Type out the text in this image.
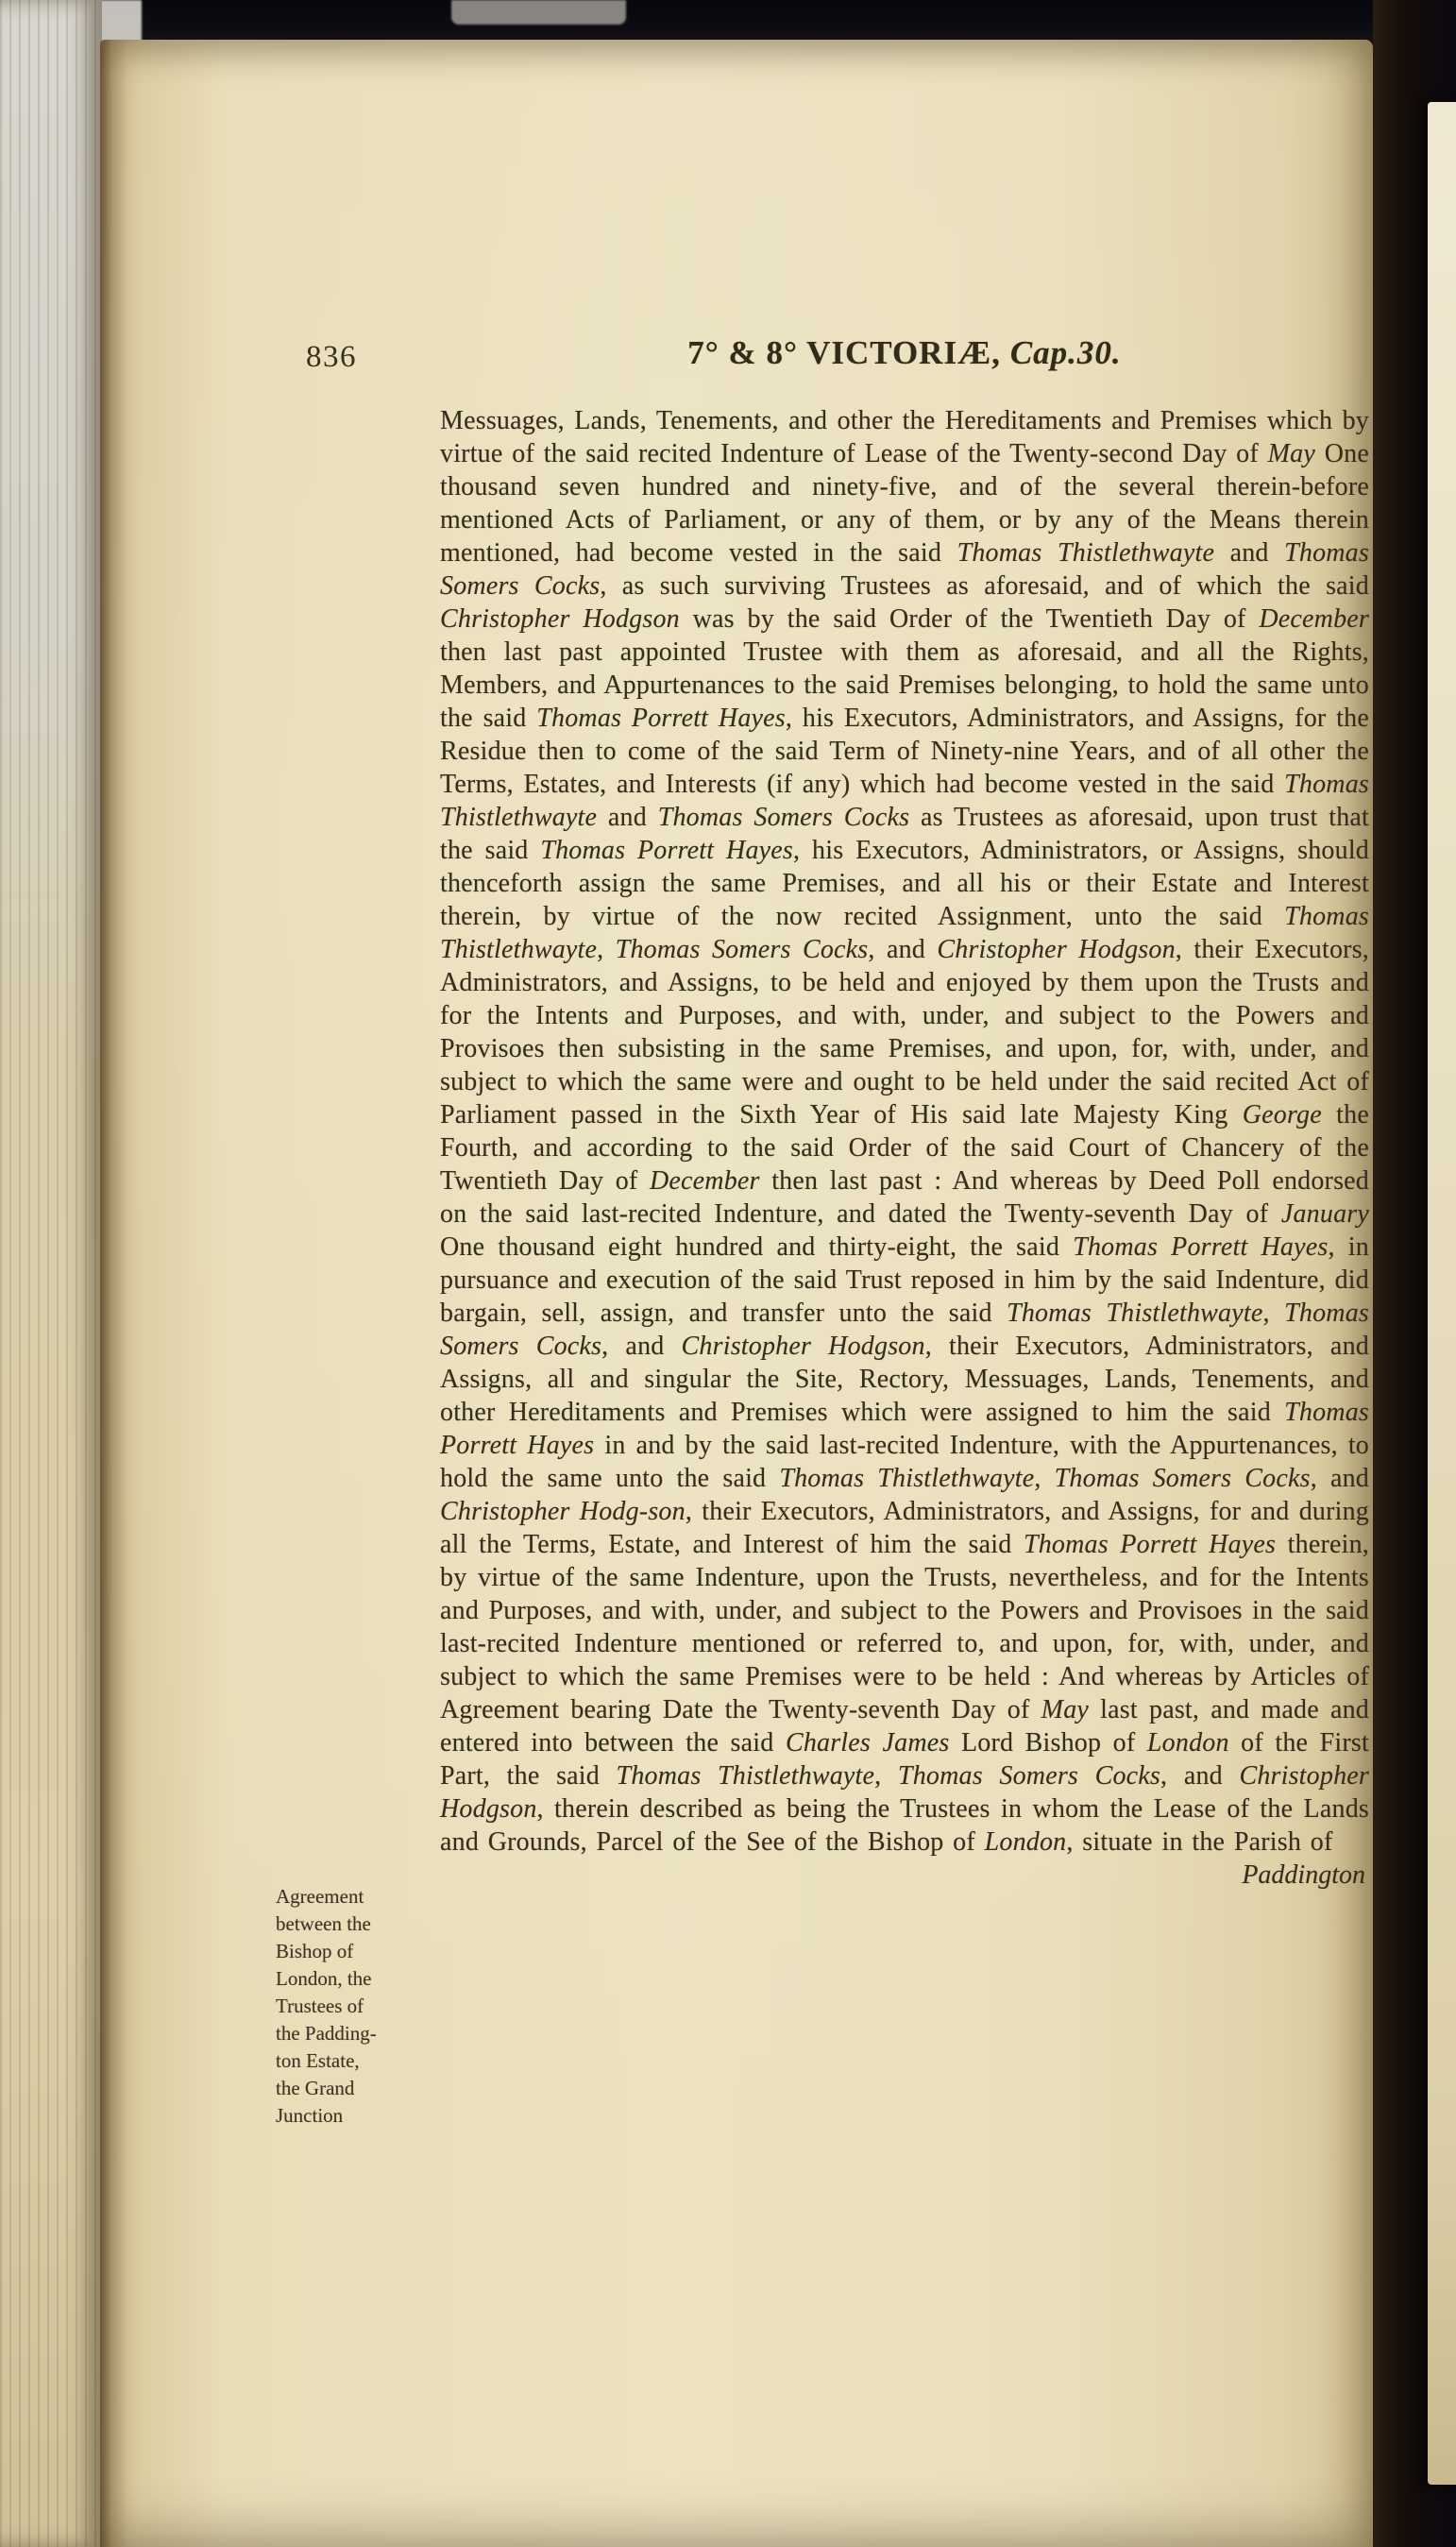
836	7° & 8° VICTORIÆ, Cap.30.
Agreement
between the
Bishop of
London, the
Trustees of
the Padding-
ton Estate,
the Grand
Junction

Messuages, Lands, Tenements, and other the Hereditaments and Premises which by virtue of the said recited Indenture of Lease of the Twenty-second Day of May One thousand seven hundred and ninety-five, and of the several therein-before mentioned Acts of Parliament, or any of them, or by any of the Means therein mentioned, had become vested in the said Thomas Thistlethwayte and Thomas Somers Cocks, as such surviving Trustees as aforesaid, and of which the said Christopher Hodgson was by the said Order of the Twentieth Day of December then last past appointed Trustee with them as aforesaid, and all the Rights, Members, and Appurtenances to the said Premises belonging, to hold the same unto the said Thomas Porrett Hayes, his Executors, Administrators, and Assigns, for the Residue then to come of the said Term of Ninety-nine Years, and of all other the Terms, Estates, and Interests (if any) which had become vested in the said Thomas Thistlethwayte and Thomas Somers Cocks as Trustees as aforesaid, upon trust that the said Thomas Porrett Hayes, his Executors, Administrators, or Assigns, should thenceforth assign the same Premises, and all his or their Estate and Interest therein, by virtue of the now recited Assignment, unto the said Thomas Thistlethwayte, Thomas Somers Cocks, and Christopher Hodgson, their Executors, Administrators, and Assigns, to be held and enjoyed by them upon the Trusts and for the Intents and Purposes, and with, under, and subject to the Powers and Provisoes then subsisting in the same Premises, and upon, for, with, under, and subject to which the same were and ought to be held under the said recited Act of Parliament passed in the Sixth Year of His said late Majesty King George the Fourth, and according to the said Order of the said Court of Chancery of the Twentieth Day of December then last past : And whereas by Deed Poll endorsed on the said last-recited Indenture, and dated the Twenty-seventh Day of January One thousand eight hundred and thirty-eight, the said Thomas Porrett Hayes, in pursuance and execution of the said Trust reposed in him by the said Indenture, did bargain, sell, assign, and transfer unto the said Thomas Thistlethwayte, Thomas Somers Cocks, and Christopher Hodgson, their Executors, Administrators, and Assigns, all and singular the Site, Rectory, Messuages, Lands, Tenements, and other Hereditaments and Premises which were assigned to him the said Thomas Porrett Hayes in and by the said last-recited Indenture, with the Appurtenances, to hold the same unto the said Thomas Thistlethwayte, Thomas Somers Cocks, and Christopher Hodg-son, their Executors, Administrators, and Assigns, for and during all the Terms, Estate, and Interest of him the said Thomas Porrett Hayes therein, by virtue of the same Indenture, upon the Trusts, nevertheless, and for the Intents and Purposes, and with, under, and subject to the Powers and Provisoes in the said last-recited Indenture mentioned or referred to, and upon, for, with, under, and subject to which the same Premises were to be held : And whereas by Articles of Agreement bearing Date the Twenty-seventh Day of May last past, and made and entered into between the said Charles James Lord Bishop of London of the First Part, the said Thomas Thistlethwayte, Thomas Somers Cocks, and Christopher Hodgson, therein described as being the Trustees in whom the Lease of the Lands and Grounds, Parcel of the See of the Bishop of London, situate in the Parish of

Paddington
